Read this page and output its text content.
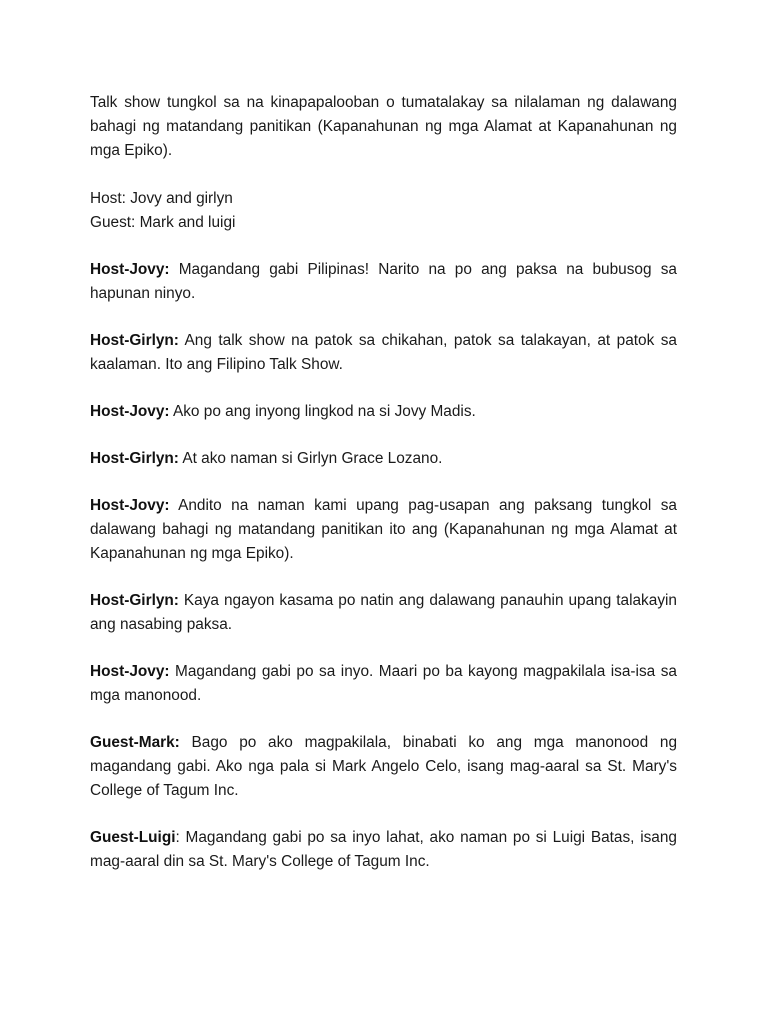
Talk show tungkol sa na kinapapalooban o tumatalakay sa nilalaman ng dalawang bahagi ng matandang panitikan (Kapanahunan ng mga Alamat at Kapanahunan ng mga Epiko).

Host: Jovy and girlyn
Guest: Mark and luigi

Host-Jovy: Magandang gabi Pilipinas! Narito na po ang paksa na bubusog sa hapunan ninyo.

Host-Girlyn: Ang talk show na patok sa chikahan, patok sa talakayan, at patok sa kaalaman. Ito ang Filipino Talk Show.

Host-Jovy: Ako po ang inyong lingkod na si Jovy Madis.

Host-Girlyn: At ako naman si Girlyn Grace Lozano.

Host-Jovy: Andito na naman kami upang pag-usapan ang paksang tungkol sa dalawang bahagi ng matandang panitikan ito ang (Kapanahunan ng mga Alamat at Kapanahunan ng mga Epiko).

Host-Girlyn: Kaya ngayon kasama po natin ang dalawang panauhin upang talakayin ang nasabing paksa.

Host-Jovy: Magandang gabi po sa inyo. Maari po ba kayong magpakilala isa-isa sa mga manonood.

Guest-Mark: Bago po ako magpakilala, binabati ko ang mga manonood ng magandang gabi. Ako nga pala si Mark Angelo Celo, isang mag-aaral sa St. Mary's College of Tagum Inc.

Guest-Luigi: Magandang gabi po sa inyo lahat, ako naman po si Luigi Batas, isang mag-aaral din sa St. Mary's College of Tagum Inc.
